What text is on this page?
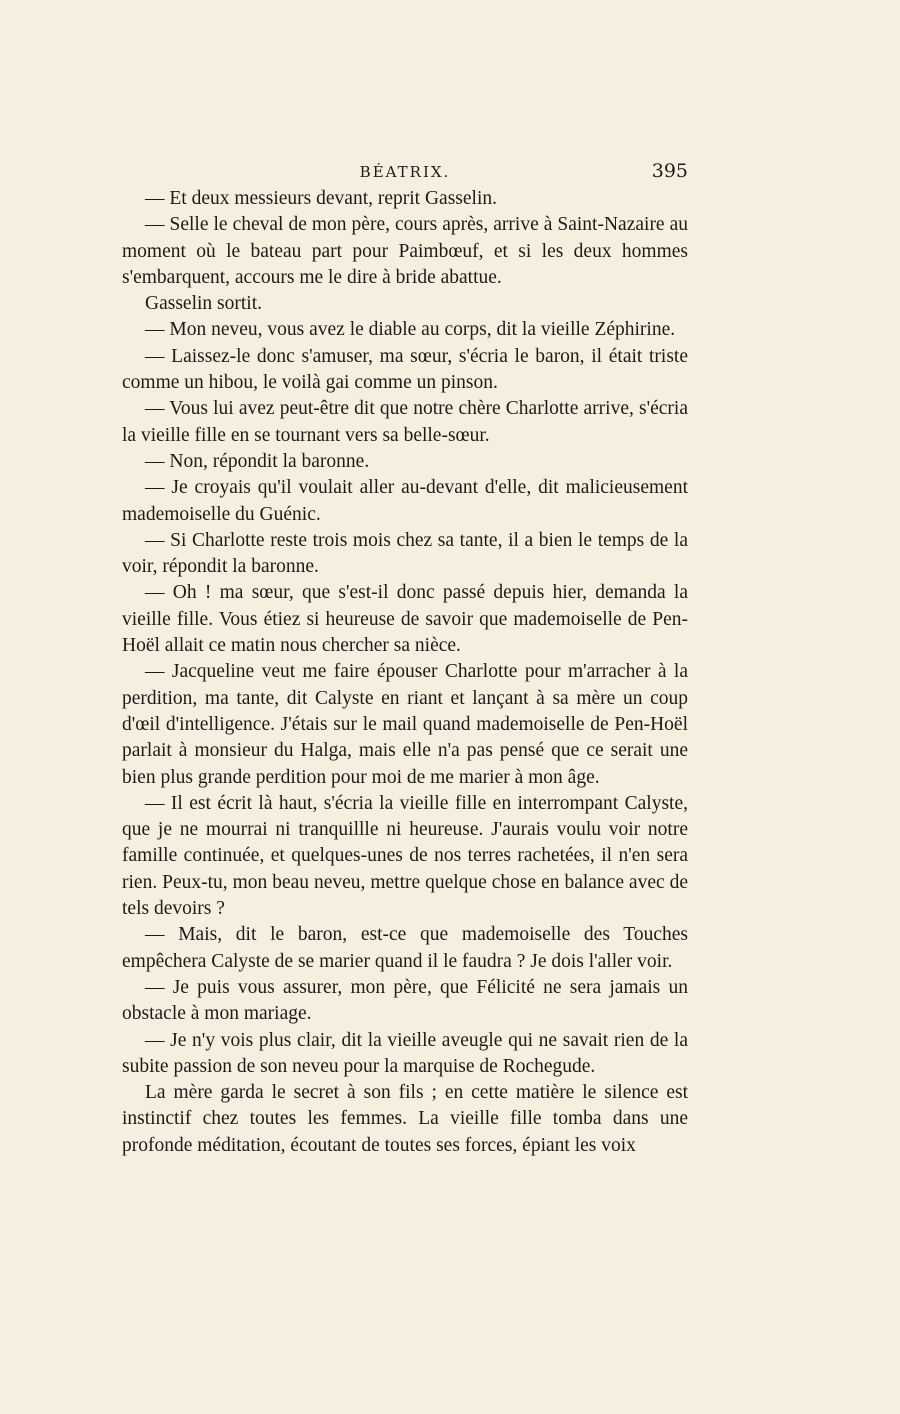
BÉATRIX.	395

— Et deux messieurs devant, reprit Gasselin.

— Selle le cheval de mon père, cours après, arrive à Saint-Nazaire au moment où le bateau part pour Paimbœuf, et si les deux hommes s'embarquent, accours me le dire à bride abattue.

Gasselin sortit.

— Mon neveu, vous avez le diable au corps, dit la vieille Zéphirine.

— Laissez-le donc s'amuser, ma sœur, s'écria le baron, il était triste comme un hibou, le voilà gai comme un pinson.

— Vous lui avez peut-être dit que notre chère Charlotte arrive, s'écria la vieille fille en se tournant vers sa belle-sœur.

— Non, répondit la baronne.

— Je croyais qu'il voulait aller au-devant d'elle, dit malicieusement mademoiselle du Guénic.

— Si Charlotte reste trois mois chez sa tante, il a bien le temps de la voir, répondit la baronne.

— Oh ! ma sœur, que s'est-il donc passé depuis hier, demanda la vieille fille. Vous étiez si heureuse de savoir que mademoiselle de Pen-Hoël allait ce matin nous chercher sa nièce.

— Jacqueline veut me faire épouser Charlotte pour m'arracher à la perdition, ma tante, dit Calyste en riant et lançant à sa mère un coup d'œil d'intelligence. J'étais sur le mail quand mademoiselle de Pen-Hoël parlait à monsieur du Halga, mais elle n'a pas pensé que ce serait une bien plus grande perdition pour moi de me marier à mon âge.

— Il est écrit là haut, s'écria la vieille fille en interrompant Calyste, que je ne mourrai ni tranquillle ni heureuse. J'aurais voulu voir notre famille continuée, et quelques-unes de nos terres rachetées, il n'en sera rien. Peux-tu, mon beau neveu, mettre quelque chose en balance avec de tels devoirs ?

— Mais, dit le baron, est-ce que mademoiselle des Touches empêchera Calyste de se marier quand il le faudra ? Je dois l'aller voir.

— Je puis vous assurer, mon père, que Félicité ne sera jamais un obstacle à mon mariage.

— Je n'y vois plus clair, dit la vieille aveugle qui ne savait rien de la subite passion de son neveu pour la marquise de Rochegude.

La mère garda le secret à son fils ; en cette matière le silence est instinctif chez toutes les femmes. La vieille fille tomba dans une profonde méditation, écoutant de toutes ses forces, épiant les voix
